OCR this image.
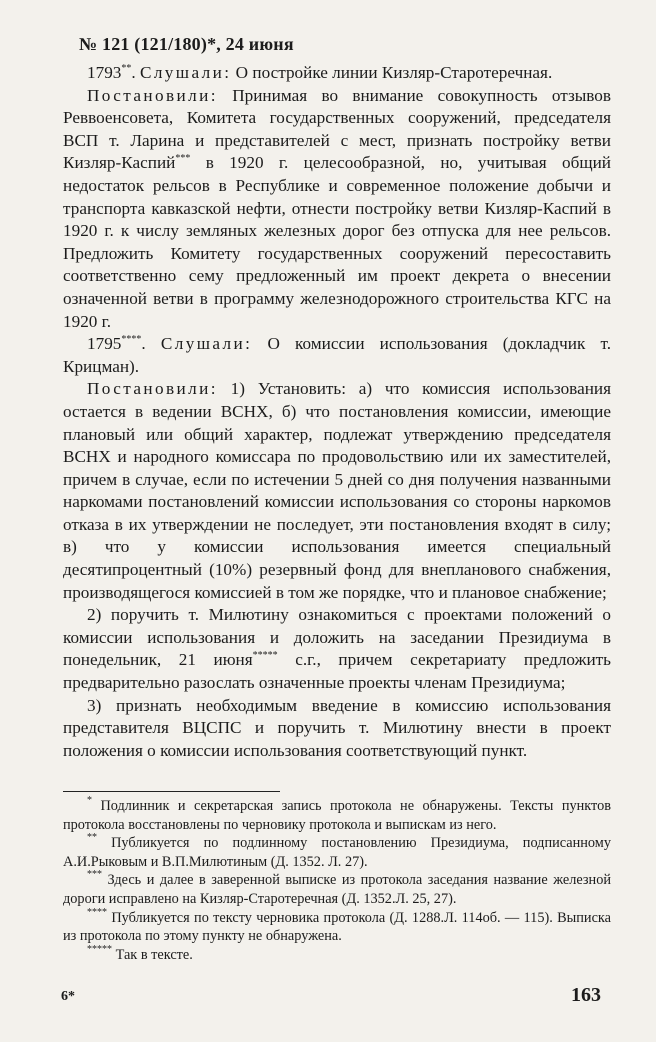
№ 121 (121/180)*, 24 июня

1793**. Слушали: О постройке линии Кизляр-Старотеречная.

Постановили: Принимая во внимание совокупность отзывов Реввоенсовета, Комитета государственных сооружений, председателя ВСП т. Ларина и представителей с мест, признать постройку ветви Кизляр-Каспий*** в 1920 г. целесообразной, но, учитывая общий недостаток рельсов в Республике и современное положение добычи и транспорта кавказской нефти, отнести постройку ветви Кизляр-Каспий в 1920 г. к числу земляных железных дорог без отпуска для нее рельсов. Предложить Комитету государственных сооружений пересоставить соответственно сему предложенный им проект декрета о внесении означенной ветви в программу железнодорожного строительства КГС на 1920 г.

1795****. Слушали: О комиссии использования (докладчик т. Крицман).

Постановили: 1) Установить: а) что комиссия использования остается в ведении ВСНХ, б) что постановления комиссии, имеющие плановый или общий характер, подлежат утверждению председателя ВСНХ и народного комиссара по продовольствию или их заместителей, причем в случае, если по истечении 5 дней со дня получения названными наркомами постановлений комиссии использования со стороны наркомов отказа в их утверждении не последует, эти постановления входят в силу; в) что у комиссии использования имеется специальный десятипроцентный (10%) резервный фонд для внепланового снабжения, производящегося комиссией в том же порядке, что и плановое снабжение;

2) поручить т. Милютину ознакомиться с проектами положений о комиссии использования и доложить на заседании Президиума в понедельник, 21 июня***** с.г., причем секретариату предложить предварительно разослать означенные проекты членам Президиума;

3) признать необходимым введение в комиссию использования представителя ВЦСПС и поручить т. Милютину внести в проект положения о комиссии использования соответствующий пункт.

* Подлинник и секретарская запись протокола не обнаружены. Тексты пунктов протокола восстановлены по черновику протокола и выпискам из него.

** Публикуется по подлинному постановлению Президиума, подписанному А.И.Рыковым и В.П.Милютиным (Д. 1352. Л. 27).

*** Здесь и далее в заверенной выписке из протокола заседания название железной дороги исправлено на Кизляр-Старотеречная (Д. 1352.Л. 25, 27).

**** Публикуется по тексту черновика протокола (Д. 1288.Л. 114об. — 115). Выписка из протокола по этому пункту не обнаружена.

***** Так в тексте.

6*	163
